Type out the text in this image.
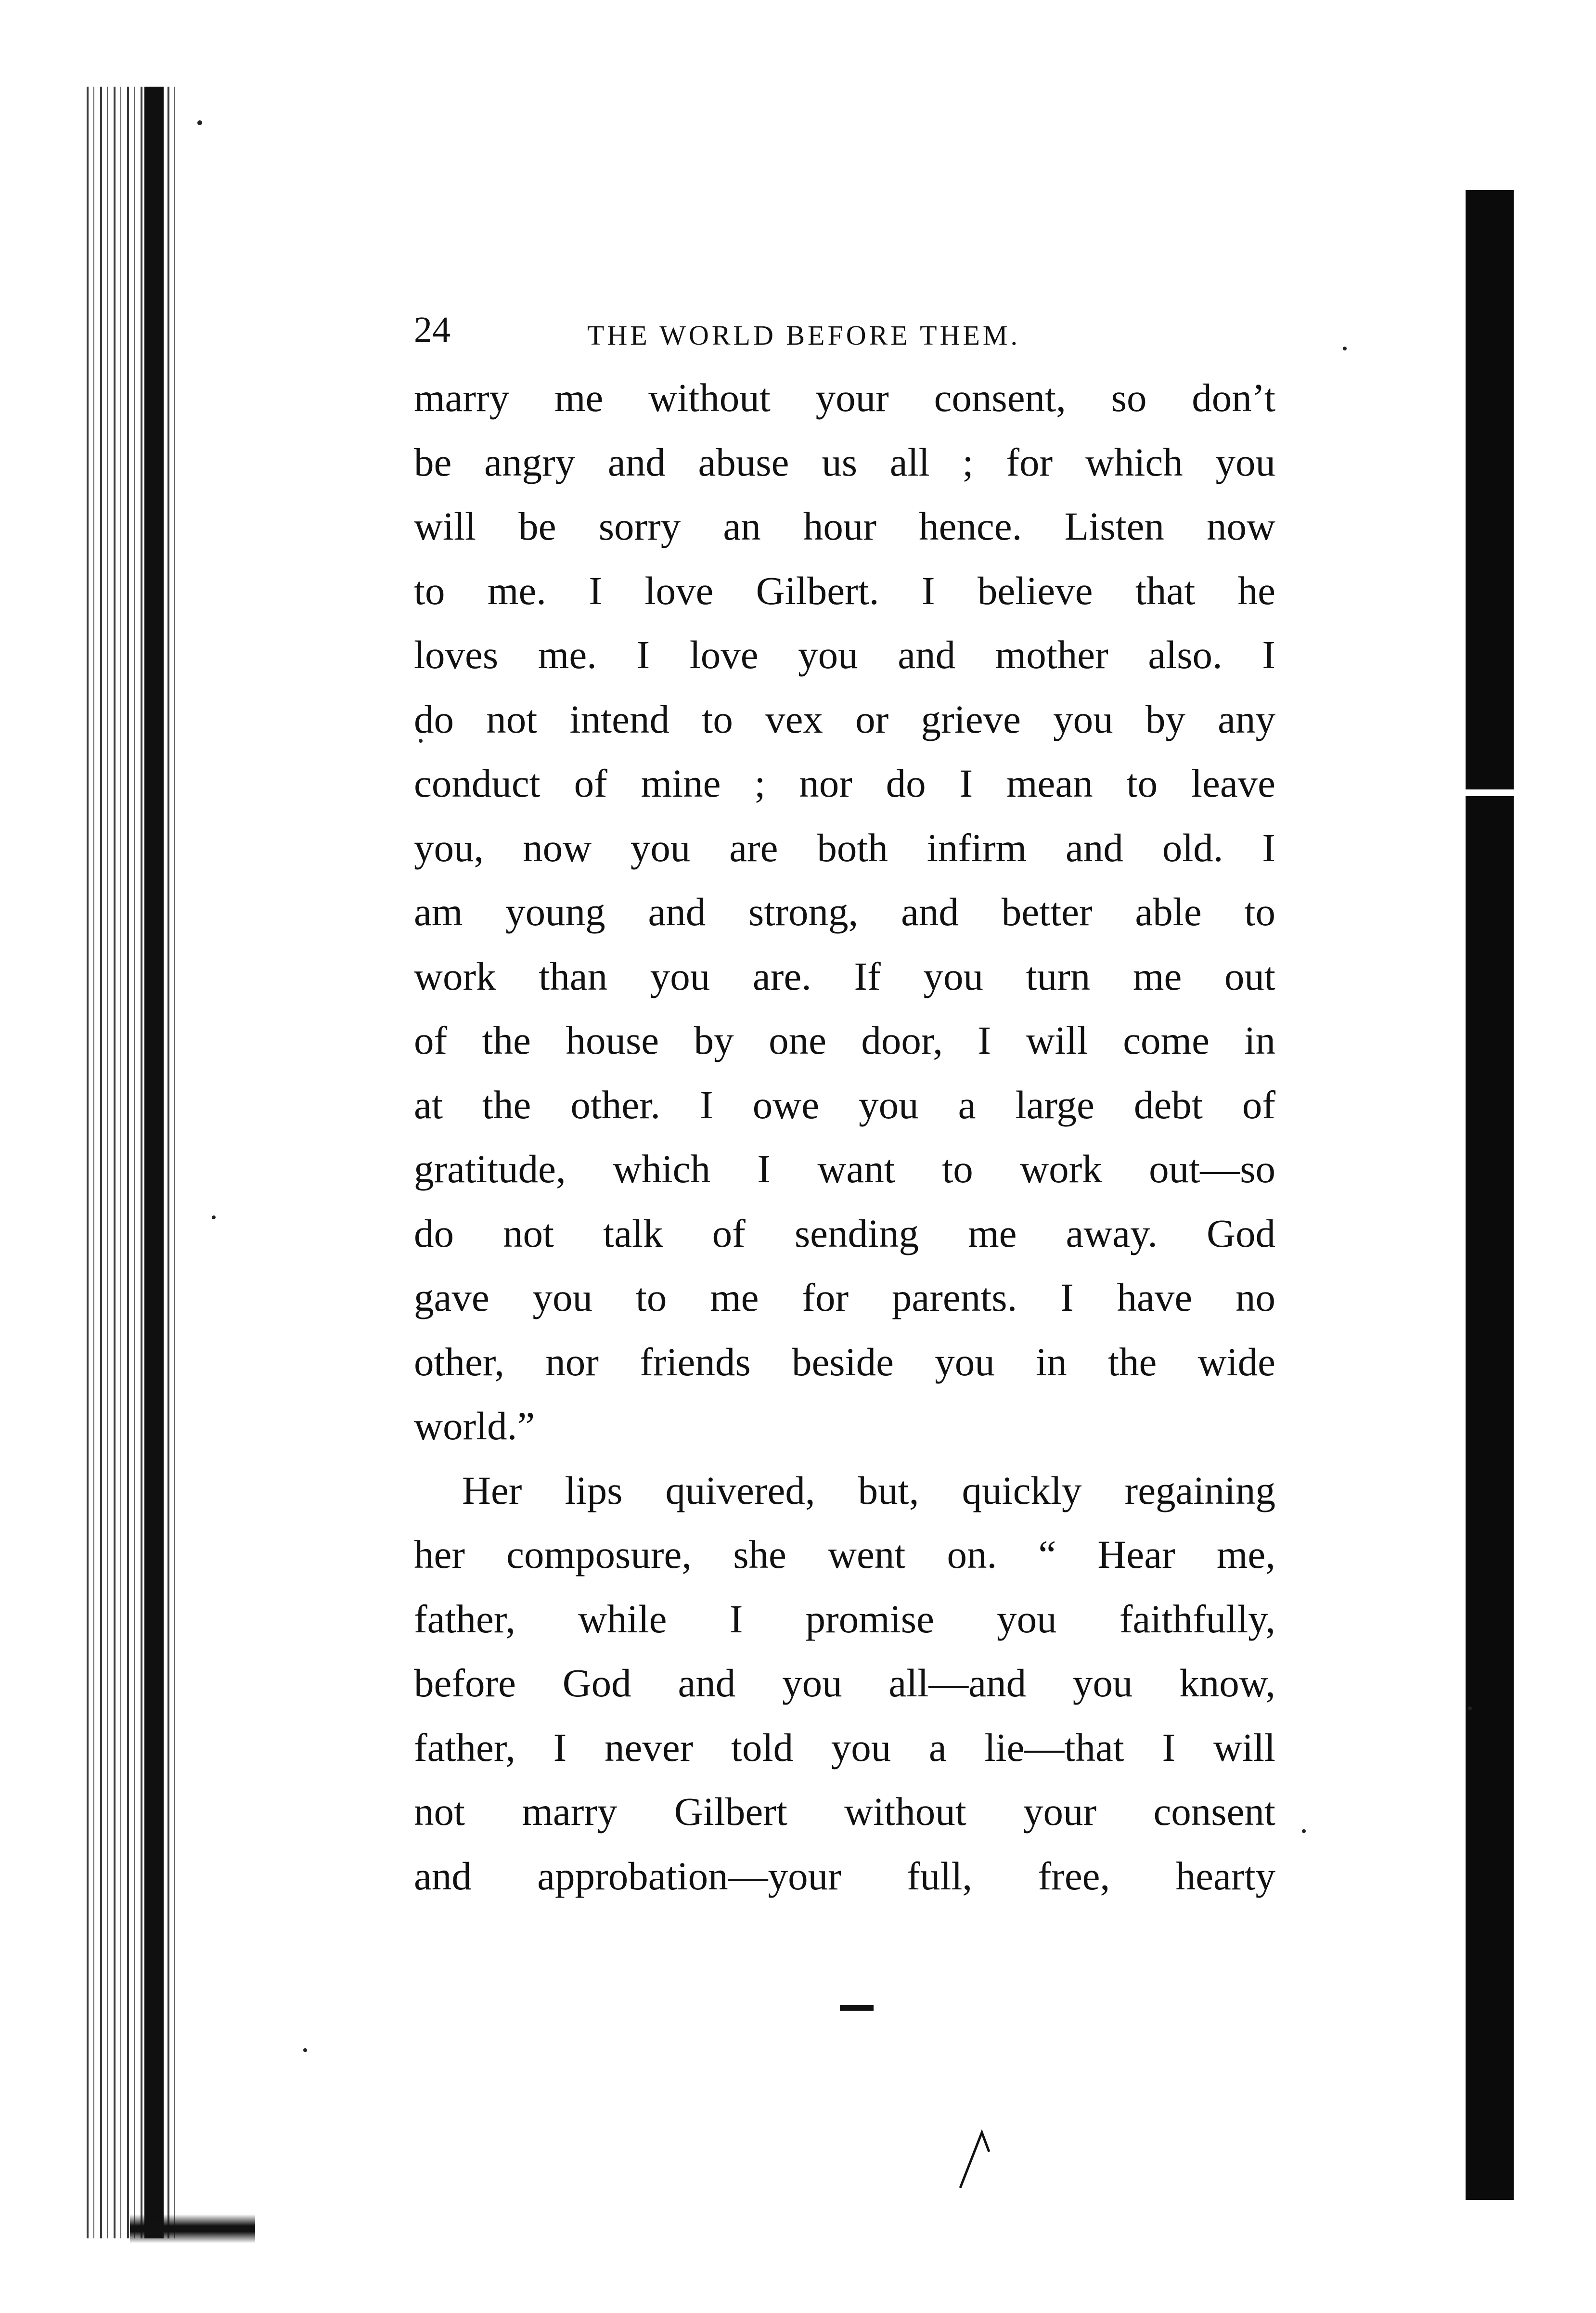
24	THE WORLD BEFORE THEM.
marry me without your consent, so don’t
be angry and abuse us all ; for which you
will be sorry an hour hence. Listen now
to me. I love Gilbert. I believe that he
loves me. I love you and mother also. I
do not intend to vex or grieve you by any
conduct of mine ; nor do I mean to leave
you, now you are both infirm and old. I
am young and strong, and better able to
work than you are. If you turn me out
of the house by one door, I will come in
at the other. I owe you a large debt of
gratitude, which I want to work out—so
do not talk of sending me away. God
gave you to me for parents. I have no
other, nor friends beside you in the wide
world.”
Her lips quivered, but, quickly regaining
her composure, she went on. “ Hear me,
father, while I promise you faithfully,
before God and you all—and you know,
father, I never told you a lie—that I will
not marry Gilbert without your consent
and approbation—your full, free, hearty
